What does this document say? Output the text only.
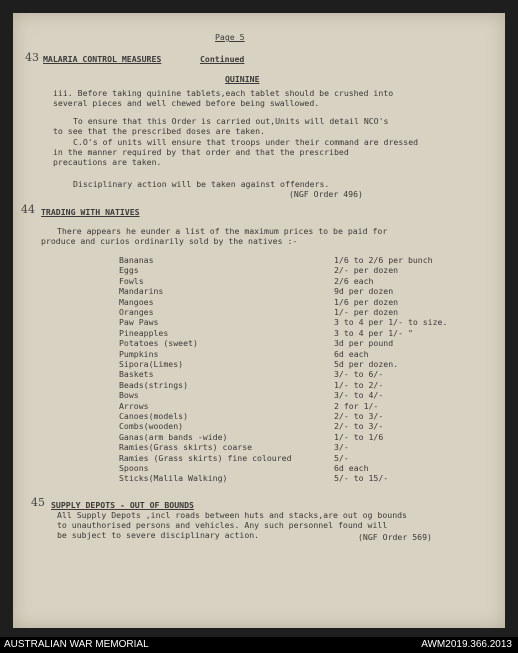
Page 5
43 MALARIA CONTROL MEASURES	Continued
QUININE
iii. Before taking quinine tablets,each tablet should be crushed into
several pieces and well chewed before being swallowed.
To ensure that this Order is carried out,Units will detail NCO's
to see that the prescribed doses are taken.
C.O's of units will ensure that troops under their command are dressed
in the manner required by that order and that the prescribed
precautions are taken.
Disciplinary action will be taken against offenders.
(NGF Order 496)
44 TRADING WITH NATIVES
There appears he eunder a list of the maximum prices to be paid for
produce and curios ordinarily sold by the natives :-
Bananas	1/6 to 2/6 per bunch
Eggs	2/- per dozen
Fowls	2/6 each
Mandarins	9d per dozen
Mangoes	1/6 per dozen
Oranges	1/- per dozen
Paw Paws	3 to 4 per 1/- to size.
Pineapples	3 to 4 per 1/- "
Potatoes (sweet)	3d per pound
Pumpkins	6d each
Sipora(Limes)	5d per dozen.
Baskets	3/- to 6/-
Beads(strings)	1/- to 2/-
Bows	3/- to 4/-
Arrows	2 for 1/-
Canoes(models)	2/- to 3/-
Combs(wooden)	2/- to 3/-
Ganas(arm bands -wide)	1/- to 1/6
Ramies(Grass skirts) coarse	3/-
Ramies (Grass skirts) fine coloured	5/-
Spoons	6d each
Sticks(Malila Walking)	5/- to 15/-
45 SUPPLY DEPOTS - OUT OF BOUNDS
All Supply Depots ,incl roads between huts and stacks,are out og bounds
to unauthorised persons and vehicles. Any such personnel found will
be subject to severe disciplinary action.	(NGF Order 569)
AUSTRALIAN WAR MEMORIAL	AWM2019.366.2013
